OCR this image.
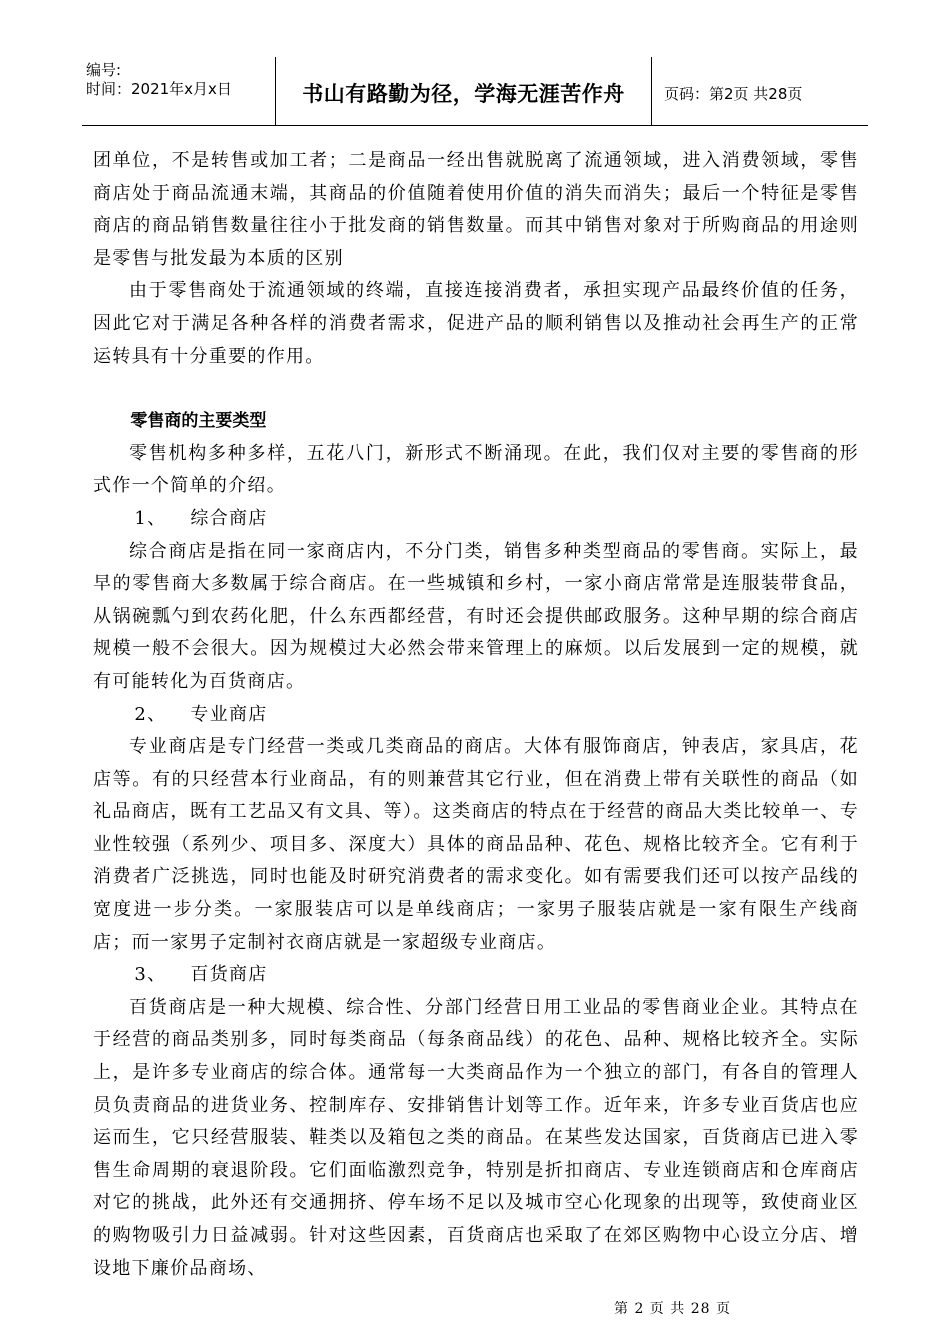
编号:
时间：2021年x月x日	书山有路勤为径，学海无涯苦作舟	页码：第2页 共28页

团单位，不是转售或加工者；二是商品一经出售就脱离了流通领域，进入消费领域，零售商店处于商品流通末端，其商品的价值随着使用价值的消失而消失；最后一个特征是零售商店的商品销售数量往往小于批发商的销售数量。而其中销售对象对于所购商品的用途则是零售与批发最为本质的区别

由于零售商处于流通领域的终端，直接连接消费者，承担实现产品最终价值的任务，因此它对于满足各种各样的消费者需求，促进产品的顺利销售以及推动社会再生产的正常运转具有十分重要的作用。

零售商的主要类型

零售机构多种多样，五花八门，新形式不断涌现。在此，我们仅对主要的零售商的形式作一个简单的介绍。

1、 综合商店

综合商店是指在同一家商店内，不分门类，销售多种类型商品的零售商。实际上，最早的零售商大多数属于综合商店。在一些城镇和乡村，一家小商店常常是连服装带食品，从锅碗瓢勺到农药化肥，什么东西都经营，有时还会提供邮政服务。这种早期的综合商店规模一般不会很大。因为规模过大必然会带来管理上的麻烦。以后发展到一定的规模，就有可能转化为百货商店。

2、 专业商店

专业商店是专门经营一类或几类商品的商店。大体有服饰商店，钟表店，家具店，花店等。有的只经营本行业商品，有的则兼营其它行业，但在消费上带有关联性的商品（如礼品商店，既有工艺品又有文具、等）。这类商店的特点在于经营的商品大类比较单一、专业性较强（系列少、项目多、深度大）具体的商品品种、花色、规格比较齐全。它有利于消费者广泛挑选，同时也能及时研究消费者的需求变化。如有需要我们还可以按产品线的宽度进一步分类。一家服装店可以是单线商店；一家男子服装店就是一家有限生产线商店；而一家男子定制衬衣商店就是一家超级专业商店。

3、 百货商店

百货商店是一种大规模、综合性、分部门经营日用工业品的零售商业企业。其特点在于经营的商品类别多，同时每类商品（每条商品线）的花色、品种、规格比较齐全。实际上，是许多专业商店的综合体。通常每一大类商品作为一个独立的部门，有各自的管理人员负责商品的进货业务、控制库存、安排销售计划等工作。近年来，许多专业百货店也应运而生，它只经营服装、鞋类以及箱包之类的商品。在某些发达国家，百货商店已进入零售生命周期的衰退阶段。它们面临激烈竞争，特别是折扣商店、专业连锁商店和仓库商店对它的挑战，此外还有交通拥挤、停车场不足以及城市空心化现象的出现等，致使商业区的购物吸引力日益减弱。针对这些因素，百货商店也采取了在郊区购物中心设立分店、增设地下廉价品商场、

第 2 页 共 28 页
